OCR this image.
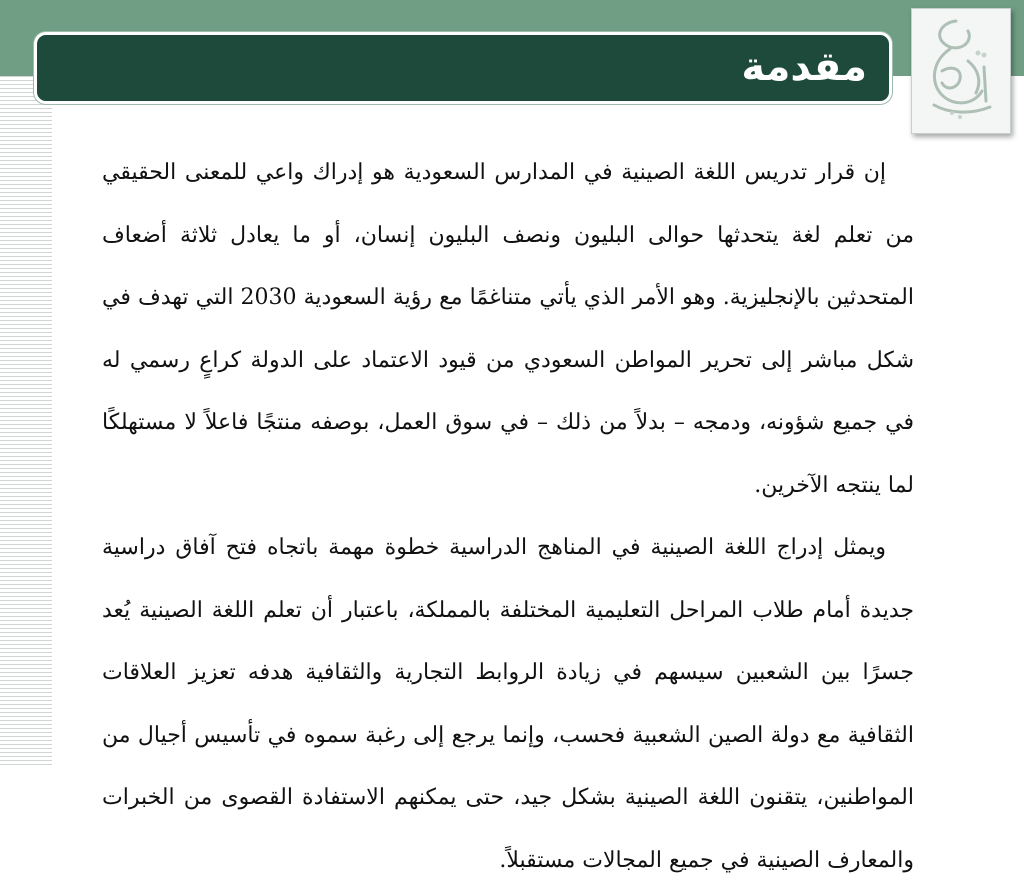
مقدمة

إن قرار تدريس اللغة الصينية في المدارس السعودية هو إدراك واعي للمعنى الحقيقي من تعلم لغة يتحدثها حوالى البليون ونصف البليون إنسان، أو ما يعادل ثلاثة أضعاف المتحدثين بالإنجليزية. وهو الأمر الذي يأتي متناغمًا مع رؤية السعودية 2030 التي تهدف في شكل مباشر إلى تحرير المواطن السعودي من قيود الاعتماد على الدولة كراعٍ رسمي له في جميع شؤونه، ودمجه – بدلاً من ذلك – في سوق العمل، بوصفه منتجًا فاعلاً لا مستهلكًا لما ينتجه الآخرين.

ويمثل إدراج اللغة الصينية في المناهج الدراسية خطوة مهمة باتجاه فتح آفاق دراسية جديدة أمام طلاب المراحل التعليمية المختلفة بالمملكة، باعتبار أن تعلم اللغة الصينية يُعد جسرًا بين الشعبين سيسهم في زيادة الروابط التجارية والثقافية هدفه تعزيز العلاقات الثقافية مع دولة الصين الشعبية فحسب، وإنما يرجع إلى رغبة سموه في تأسيس أجيال من المواطنين، يتقنون اللغة الصينية بشكل جيد، حتى يمكنهم الاستفادة القصوى من الخبرات والمعارف الصينية في جميع المجالات مستقبلاً.
